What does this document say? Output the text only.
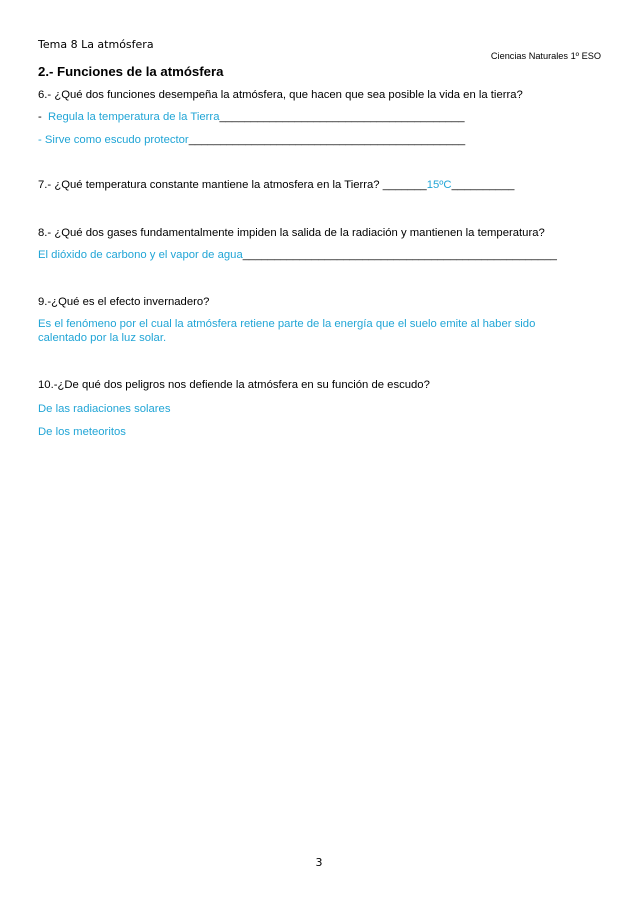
Tema 8 La atmósfera
Ciencias Naturales 1º ESO
2.- Funciones de la atmósfera
6.- ¿Qué dos funciones desempeña la atmósfera, que hacen que sea posible la vida en la tierra?
-  Regula la temperatura de la Tierra_______________________________________
- Sirve como escudo protector____________________________________________
7.- ¿Qué temperatura constante mantiene la atmosfera en la Tierra? _______15ºC__________
8.- ¿Qué dos gases fundamentalmente impiden la salida de la radiación y mantienen la temperatura?
El dióxido de carbono y el vapor de agua__________________________________________________
9.-¿Qué es el efecto invernadero?
Es el fenómeno por el cual la atmósfera retiene parte de la energía que el suelo emite al haber sido
calentado por la luz solar.
10.-¿De qué dos peligros nos defiende la atmósfera en su función de escudo?
De las radiaciones solares
De los meteoritos
3
